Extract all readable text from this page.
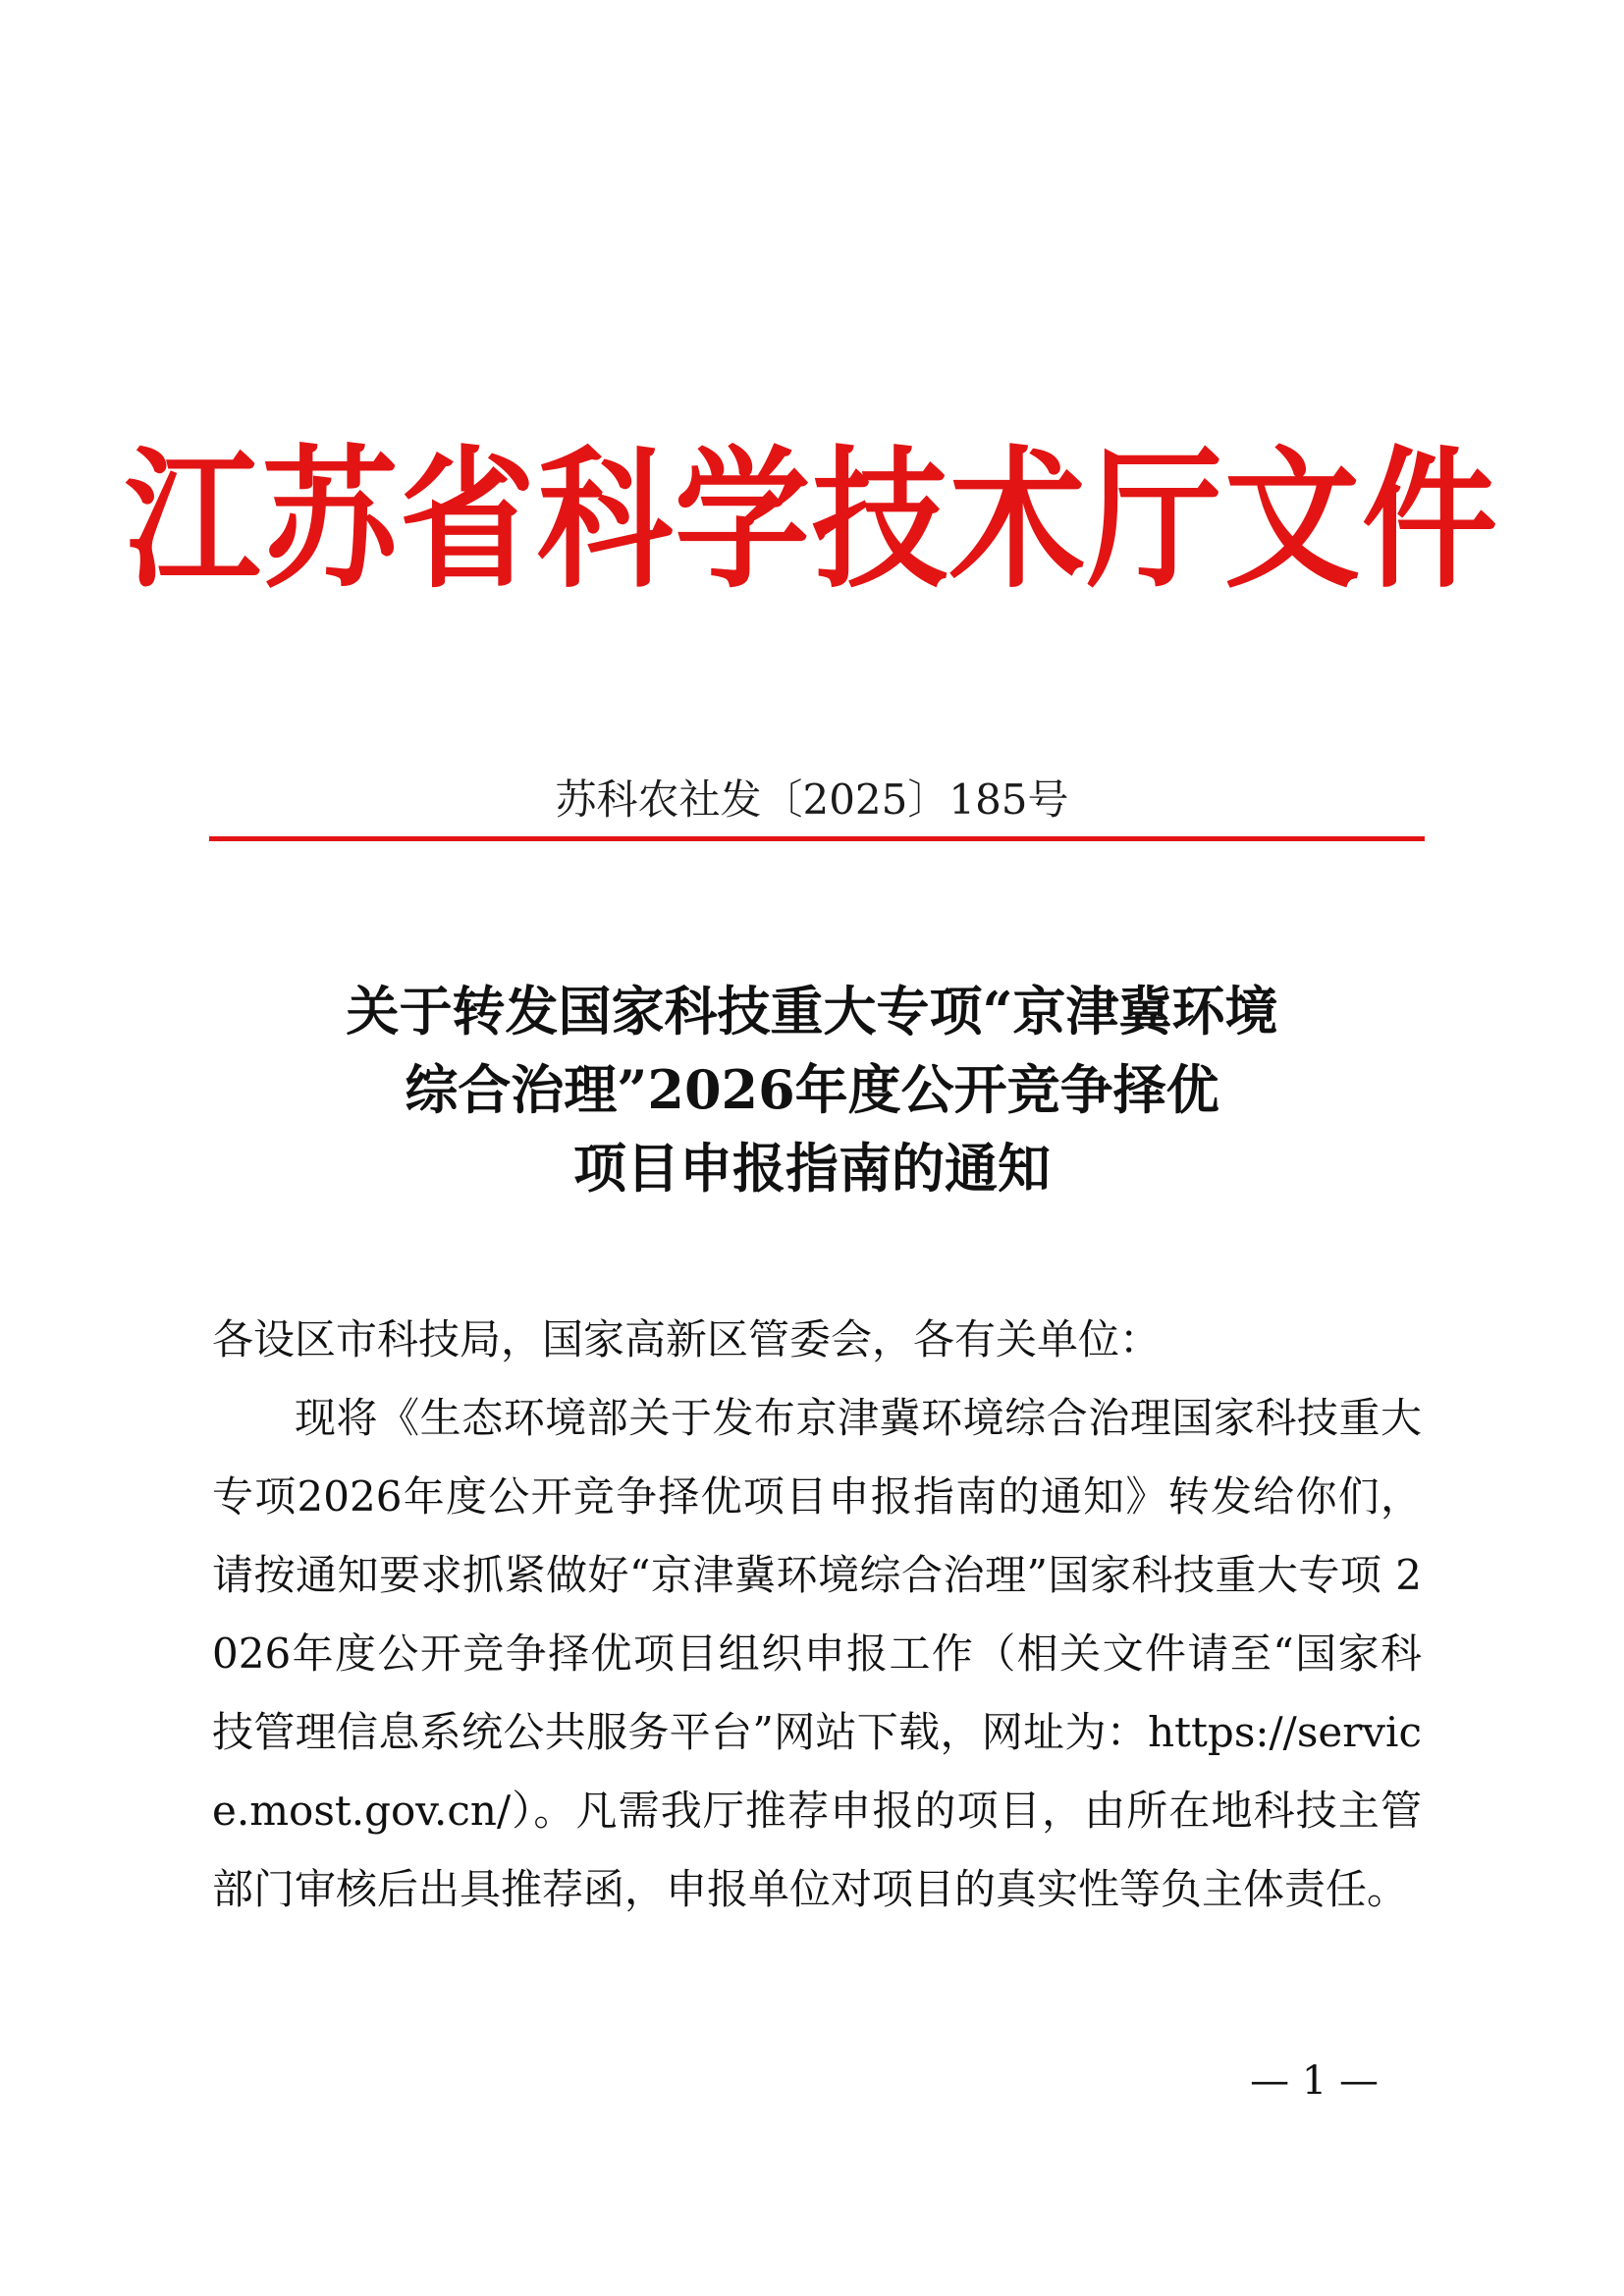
江苏省科学技术厅文件
苏科农社发〔2025〕185号
关于转发国家科技重大专项“京津冀环境
综合治理”2026年度公开竞争择优
项目申报指南的通知
各设区市科技局，国家高新区管委会，各有关单位：
现将《生态环境部关于发布京津冀环境综合治理国家科技重大专项2026年度公开竞争择优项目申报指南的通知》转发给你们，请按通知要求抓紧做好“京津冀环境综合治理”国家科技重大专项 2026年度公开竞争择优项目组织申报工作（相关文件请至“国家科技管理信息系统公共服务平台”网站下载，网址为：https://service.most.gov.cn/）。凡需我厅推荐申报的项目，由所在地科技主管部门审核后出具推荐函，申报单位对项目的真实性等负主体责任。
— 1 —
